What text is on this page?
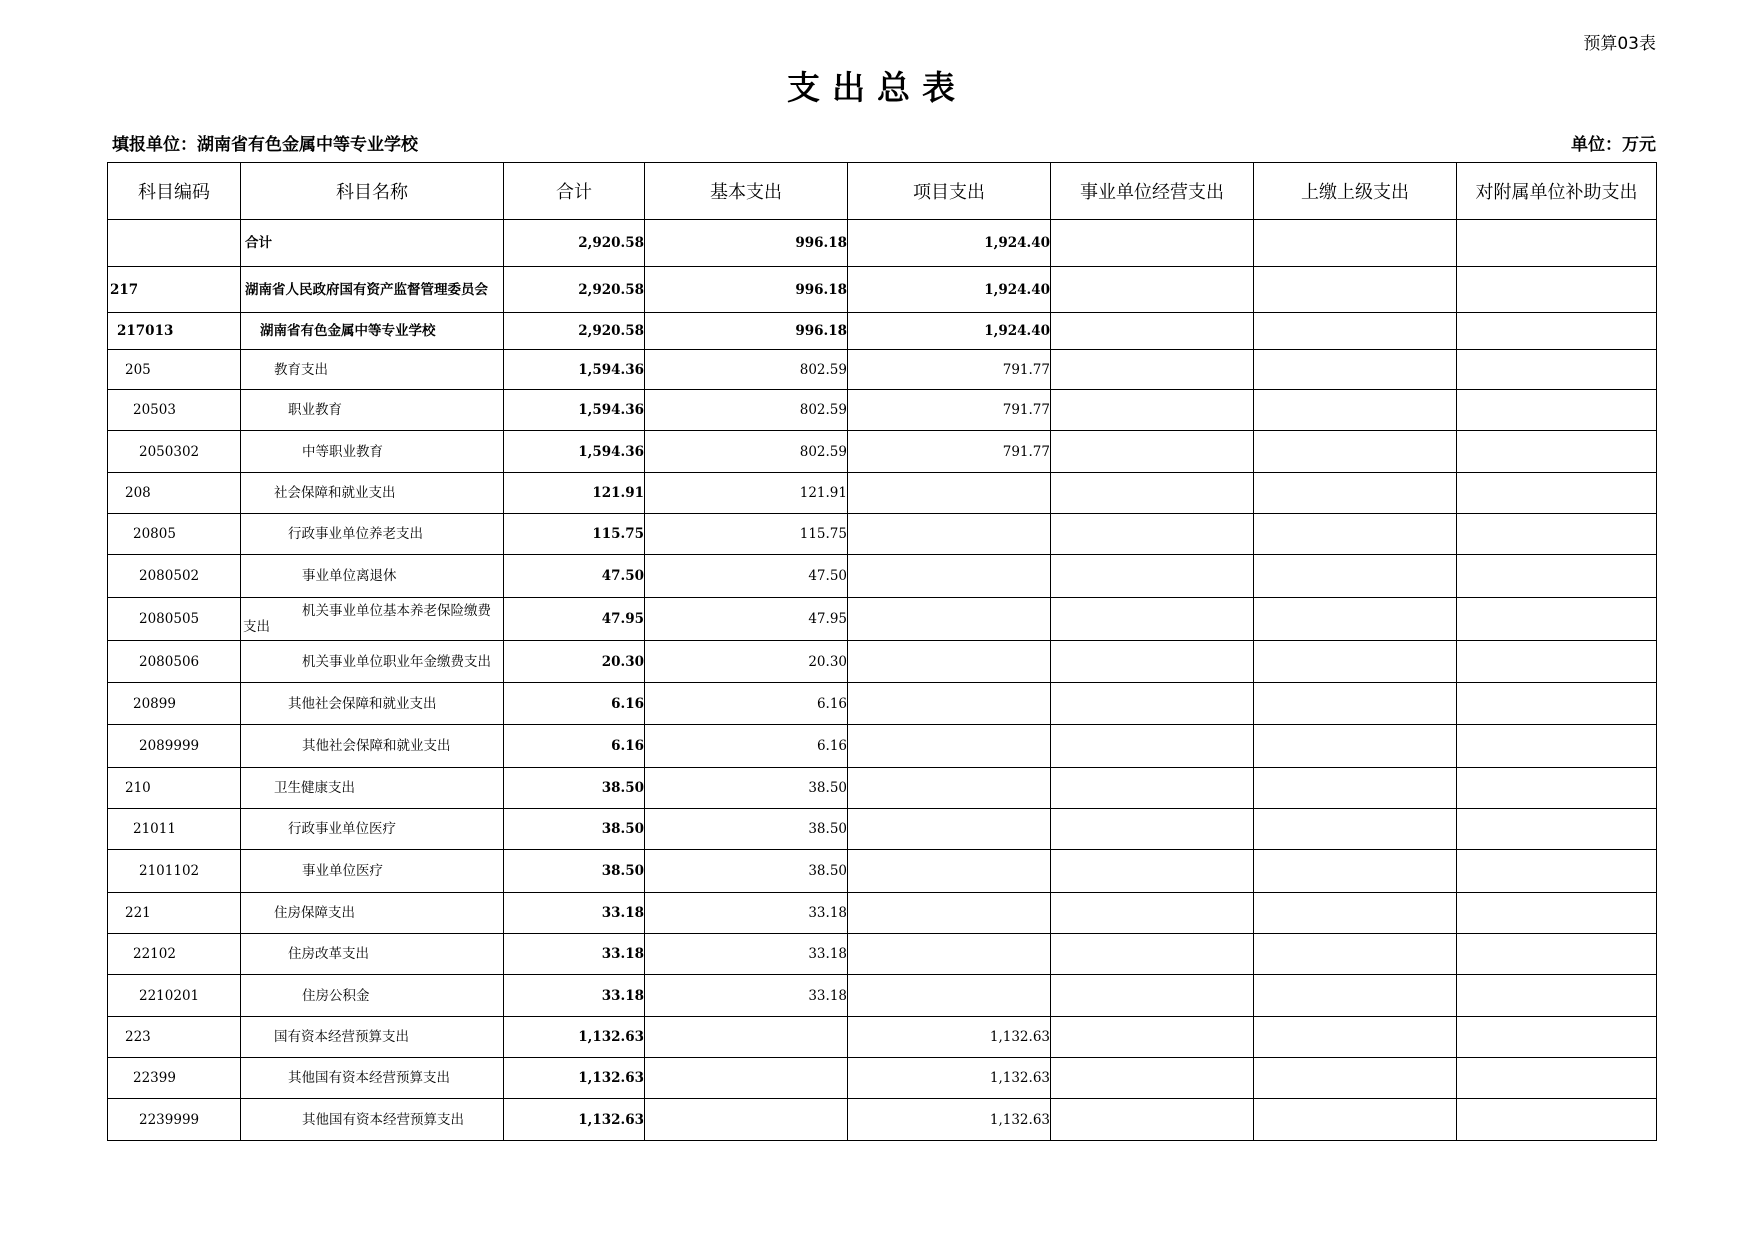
预算03表
支出总表
填报单位：湖南省有色金属中等专业学校	单位：万元
科目编码	科目名称	合计	基本支出	项目支出	事业单位经营支出	上缴上级支出	对附属单位补助支出
	合计	2,920.58	996.18	1,924.40			
217	湖南省人民政府国有资产监督管理委员会	2,920.58	996.18	1,924.40			
217013	湖南省有色金属中等专业学校	2,920.58	996.18	1,924.40			
205	教育支出	1,594.36	802.59	791.77			
20503	职业教育	1,594.36	802.59	791.77			
2050302	中等职业教育	1,594.36	802.59	791.77			
208	社会保障和就业支出	121.91	121.91				
20805	行政事业单位养老支出	115.75	115.75				
2080502	事业单位离退休	47.50	47.50				
2080505	机关事业单位基本养老保险缴费支出	47.95	47.95				
2080506	机关事业单位职业年金缴费支出	20.30	20.30				
20899	其他社会保障和就业支出	6.16	6.16				
2089999	其他社会保障和就业支出	6.16	6.16				
210	卫生健康支出	38.50	38.50				
21011	行政事业单位医疗	38.50	38.50				
2101102	事业单位医疗	38.50	38.50				
221	住房保障支出	33.18	33.18				
22102	住房改革支出	33.18	33.18				
2210201	住房公积金	33.18	33.18				
223	国有资本经营预算支出	1,132.63		1,132.63			
22399	其他国有资本经营预算支出	1,132.63		1,132.63			
2239999	其他国有资本经营预算支出	1,132.63		1,132.63			
